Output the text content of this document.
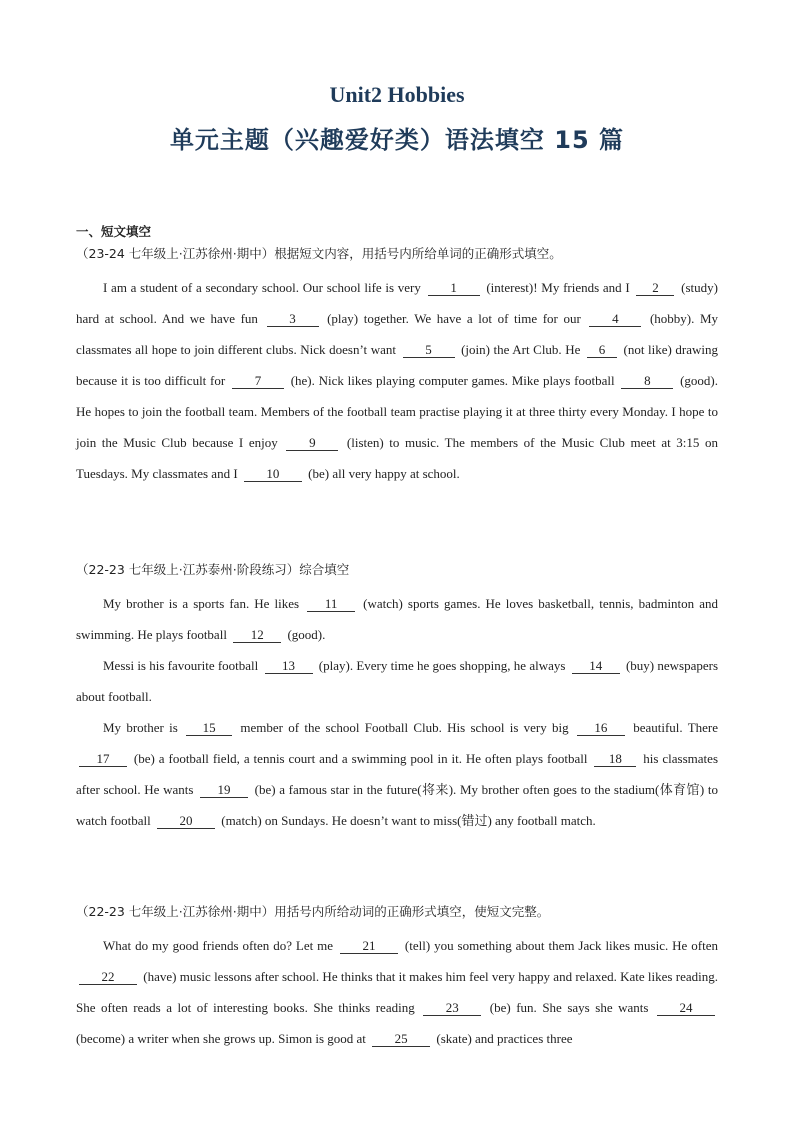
Unit2 Hobbies
单元主题（兴趣爱好类）语法填空 15 篇
一、短文填空
（23-24 七年级上·江苏徐州·期中）根据短文内容，用括号内所给单词的正确形式填空。

I am a student of a secondary school. Our school life is very 1 (interest)! My friends and I 2 (study) hard at school. And we have fun 3 (play) together. We have a lot of time for our 4 (hobby). My classmates all hope to join different clubs. Nick doesn’t want 5 (join) the Art Club. He 6 (not like) drawing because it is too difficult for 7 (he). Nick likes playing computer games. Mike plays football 8 (good). He hopes to join the football team. Members of the football team practise playing it at three thirty every Monday. I hope to join the Music Club because I enjoy 9 (listen) to music. The members of the Music Club meet at 3:15 on Tuesdays. My classmates and I 10 (be) all very happy at school.

（22-23 七年级上·江苏泰州·阶段练习）综合填空

My brother is a sports fan. He likes 11 (watch) sports games. He loves basketball, tennis, badminton and swimming. He plays football 12 (good).

Messi is his favourite football 13 (play). Every time he goes shopping, he always 14 (buy) newspapers about football.

My brother is 15 member of the school Football Club. His school is very big 16 beautiful. There 17 (be) a football field, a tennis court and a swimming pool in it. He often plays football 18 his classmates after school. He wants 19 (be) a famous star in the future(将来). My brother often goes to the stadium(体育馆) to watch football 20 (match) on Sundays. He doesn’t want to miss(错过) any football match.

（22-23 七年级上·江苏徐州·期中）用括号内所给动词的正确形式填空，使短文完整。

What do my good friends often do? Let me 21 (tell) you something about them Jack likes music. He often 22 (have) music lessons after school. He thinks that it makes him feel very happy and relaxed. Kate likes reading. She often reads a lot of interesting books. She thinks reading 23 (be) fun. She says she wants 24 (become) a writer when she grows up. Simon is good at 25 (skate) and practices three
